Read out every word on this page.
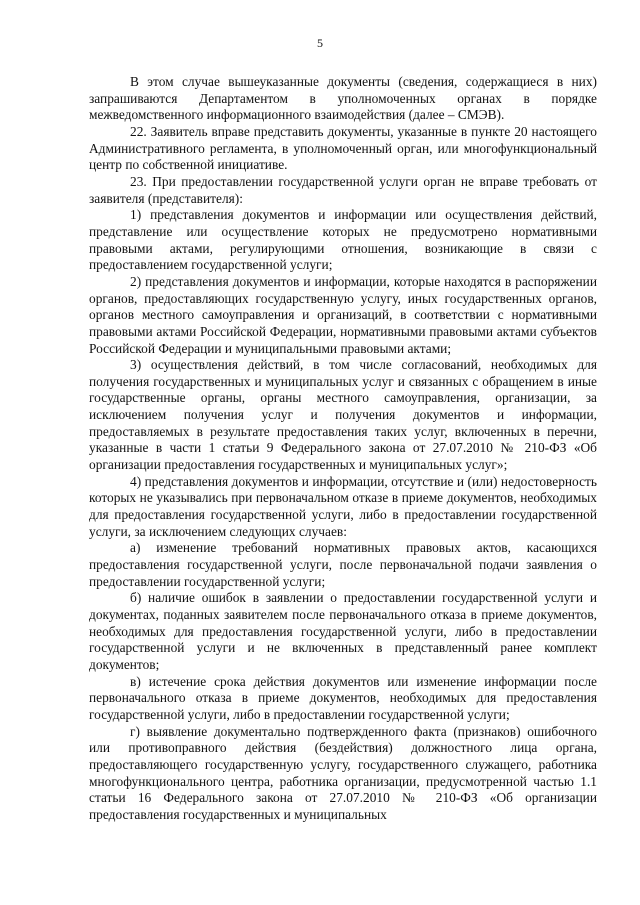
5

В этом случае вышеуказанные документы (сведения, содержащиеся в них) запрашиваются Департаментом в уполномоченных органах в порядке межведомственного информационного взаимодействия (далее – СМЭВ).

22. Заявитель вправе представить документы, указанные в пункте 20 настоящего Административного регламента, в уполномоченный орган, или многофункциональный центр по собственной инициативе.

23. При предоставлении государственной услуги орган не вправе требовать от заявителя (представителя):

1) представления документов и информации или осуществления действий, представление или осуществление которых не предусмотрено нормативными правовыми актами, регулирующими отношения, возникающие в связи с предоставлением государственной услуги;

2) представления документов и информации, которые находятся в распоряжении органов, предоставляющих государственную услугу, иных государственных органов, органов местного самоуправления и организаций, в соответствии с нормативными правовыми актами Российской Федерации, нормативными правовыми актами субъектов Российской Федерации и муниципальными правовыми актами;

3) осуществления действий, в том числе согласований, необходимых для получения государственных и муниципальных услуг и связанных с обращением в иные государственные органы, органы местного самоуправления, организации, за исключением получения услуг и получения документов и информации, предоставляемых в результате предоставления таких услуг, включенных в перечни, указанные в части 1 статьи 9 Федерального закона от 27.07.2010 № 210-ФЗ «Об организации предоставления государственных и муниципальных услуг»;

4) представления документов и информации, отсутствие и (или) недостоверность которых не указывались при первоначальном отказе в приеме документов, необходимых для предоставления государственной услуги, либо в предоставлении государственной услуги, за исключением следующих случаев:

а) изменение требований нормативных правовых актов, касающихся предоставления государственной услуги, после первоначальной подачи заявления о предоставлении государственной услуги;

б) наличие ошибок в заявлении о предоставлении государственной услуги и документах, поданных заявителем после первоначального отказа в приеме документов, необходимых для предоставления государственной услуги, либо в предоставлении государственной услуги и не включенных в представленный ранее комплект документов;

в) истечение срока действия документов или изменение информации после первоначального отказа в приеме документов, необходимых для предоставления государственной услуги, либо в предоставлении государственной услуги;

г) выявление документально подтвержденного факта (признаков) ошибочного или противоправного действия (бездействия) должностного лица органа, предоставляющего государственную услугу, государственного служащего, работника многофункционального центра, работника организации, предусмотренной частью 1.1 статьи 16 Федерального закона от 27.07.2010 № 210-ФЗ «Об организации предоставления государственных и муниципальных
